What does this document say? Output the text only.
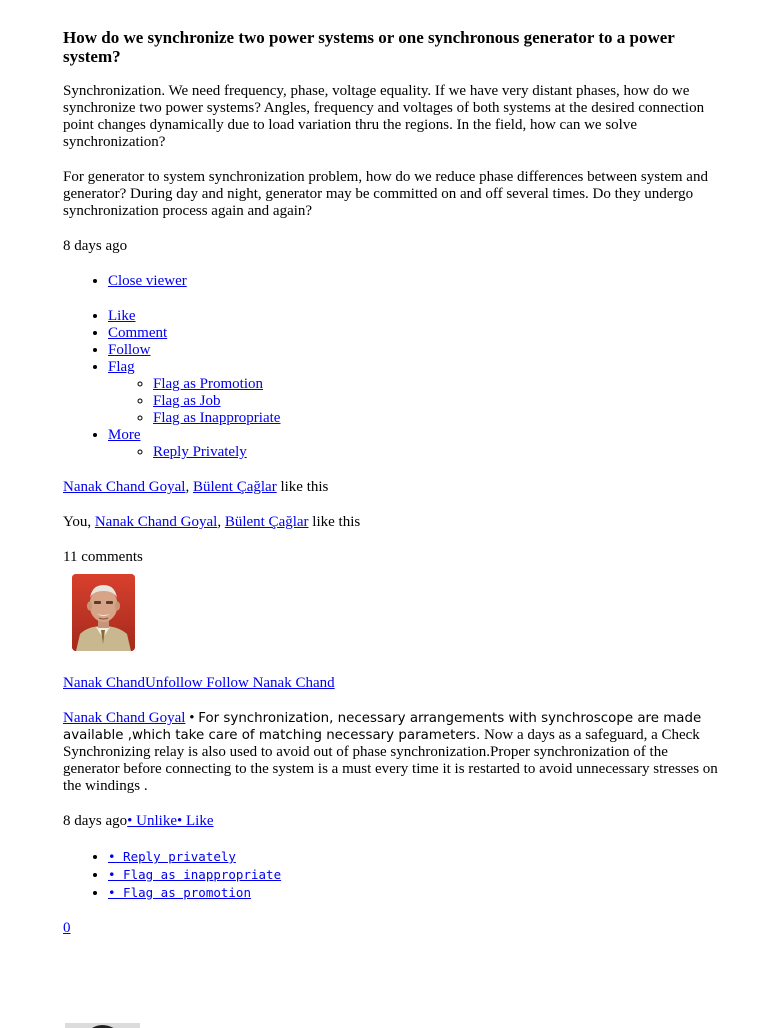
How do we synchronize two power systems or one synchronous generator to a power system?

Synchronization. We need frequency, phase, voltage equality. If we have very distant phases, how do we synchronize two power systems? Angles, frequency and voltages of both systems at the desired connection point changes dynamically due to load variation thru the regions. In the field, how can we solve synchronization?

For generator to system synchronization problem, how do we reduce phase differences between system and generator? During day and night, generator may be committed on and off several times. Do they undergo synchronization process again and again?

8 days ago

• Close viewer
• Like
• Comment
• Follow
• Flag
◦ Flag as Promotion
◦ Flag as Job
◦ Flag as Inappropriate
• More
◦ Reply Privately

Nanak Chand Goyal, Bülent Çağlar like this

You, Nanak Chand Goyal, Bülent Çağlar like this

11 comments

Nanak ChandUnfollow Follow Nanak Chand

Nanak Chand Goyal • For synchronization, necessary arrangements with synchroscope are made available ,which take care of matching necessary parameters. Now a days as a safeguard, a Check Synchronizing relay is also used to avoid out of phase synchronization.Proper synchronization of the generator before connecting to the system is a must every time it is restarted to avoid unnecessary stresses on the windings .

8 days ago• Unlike• Like

• • Reply privately
• • Flag as inappropriate
• • Flag as promotion

0
